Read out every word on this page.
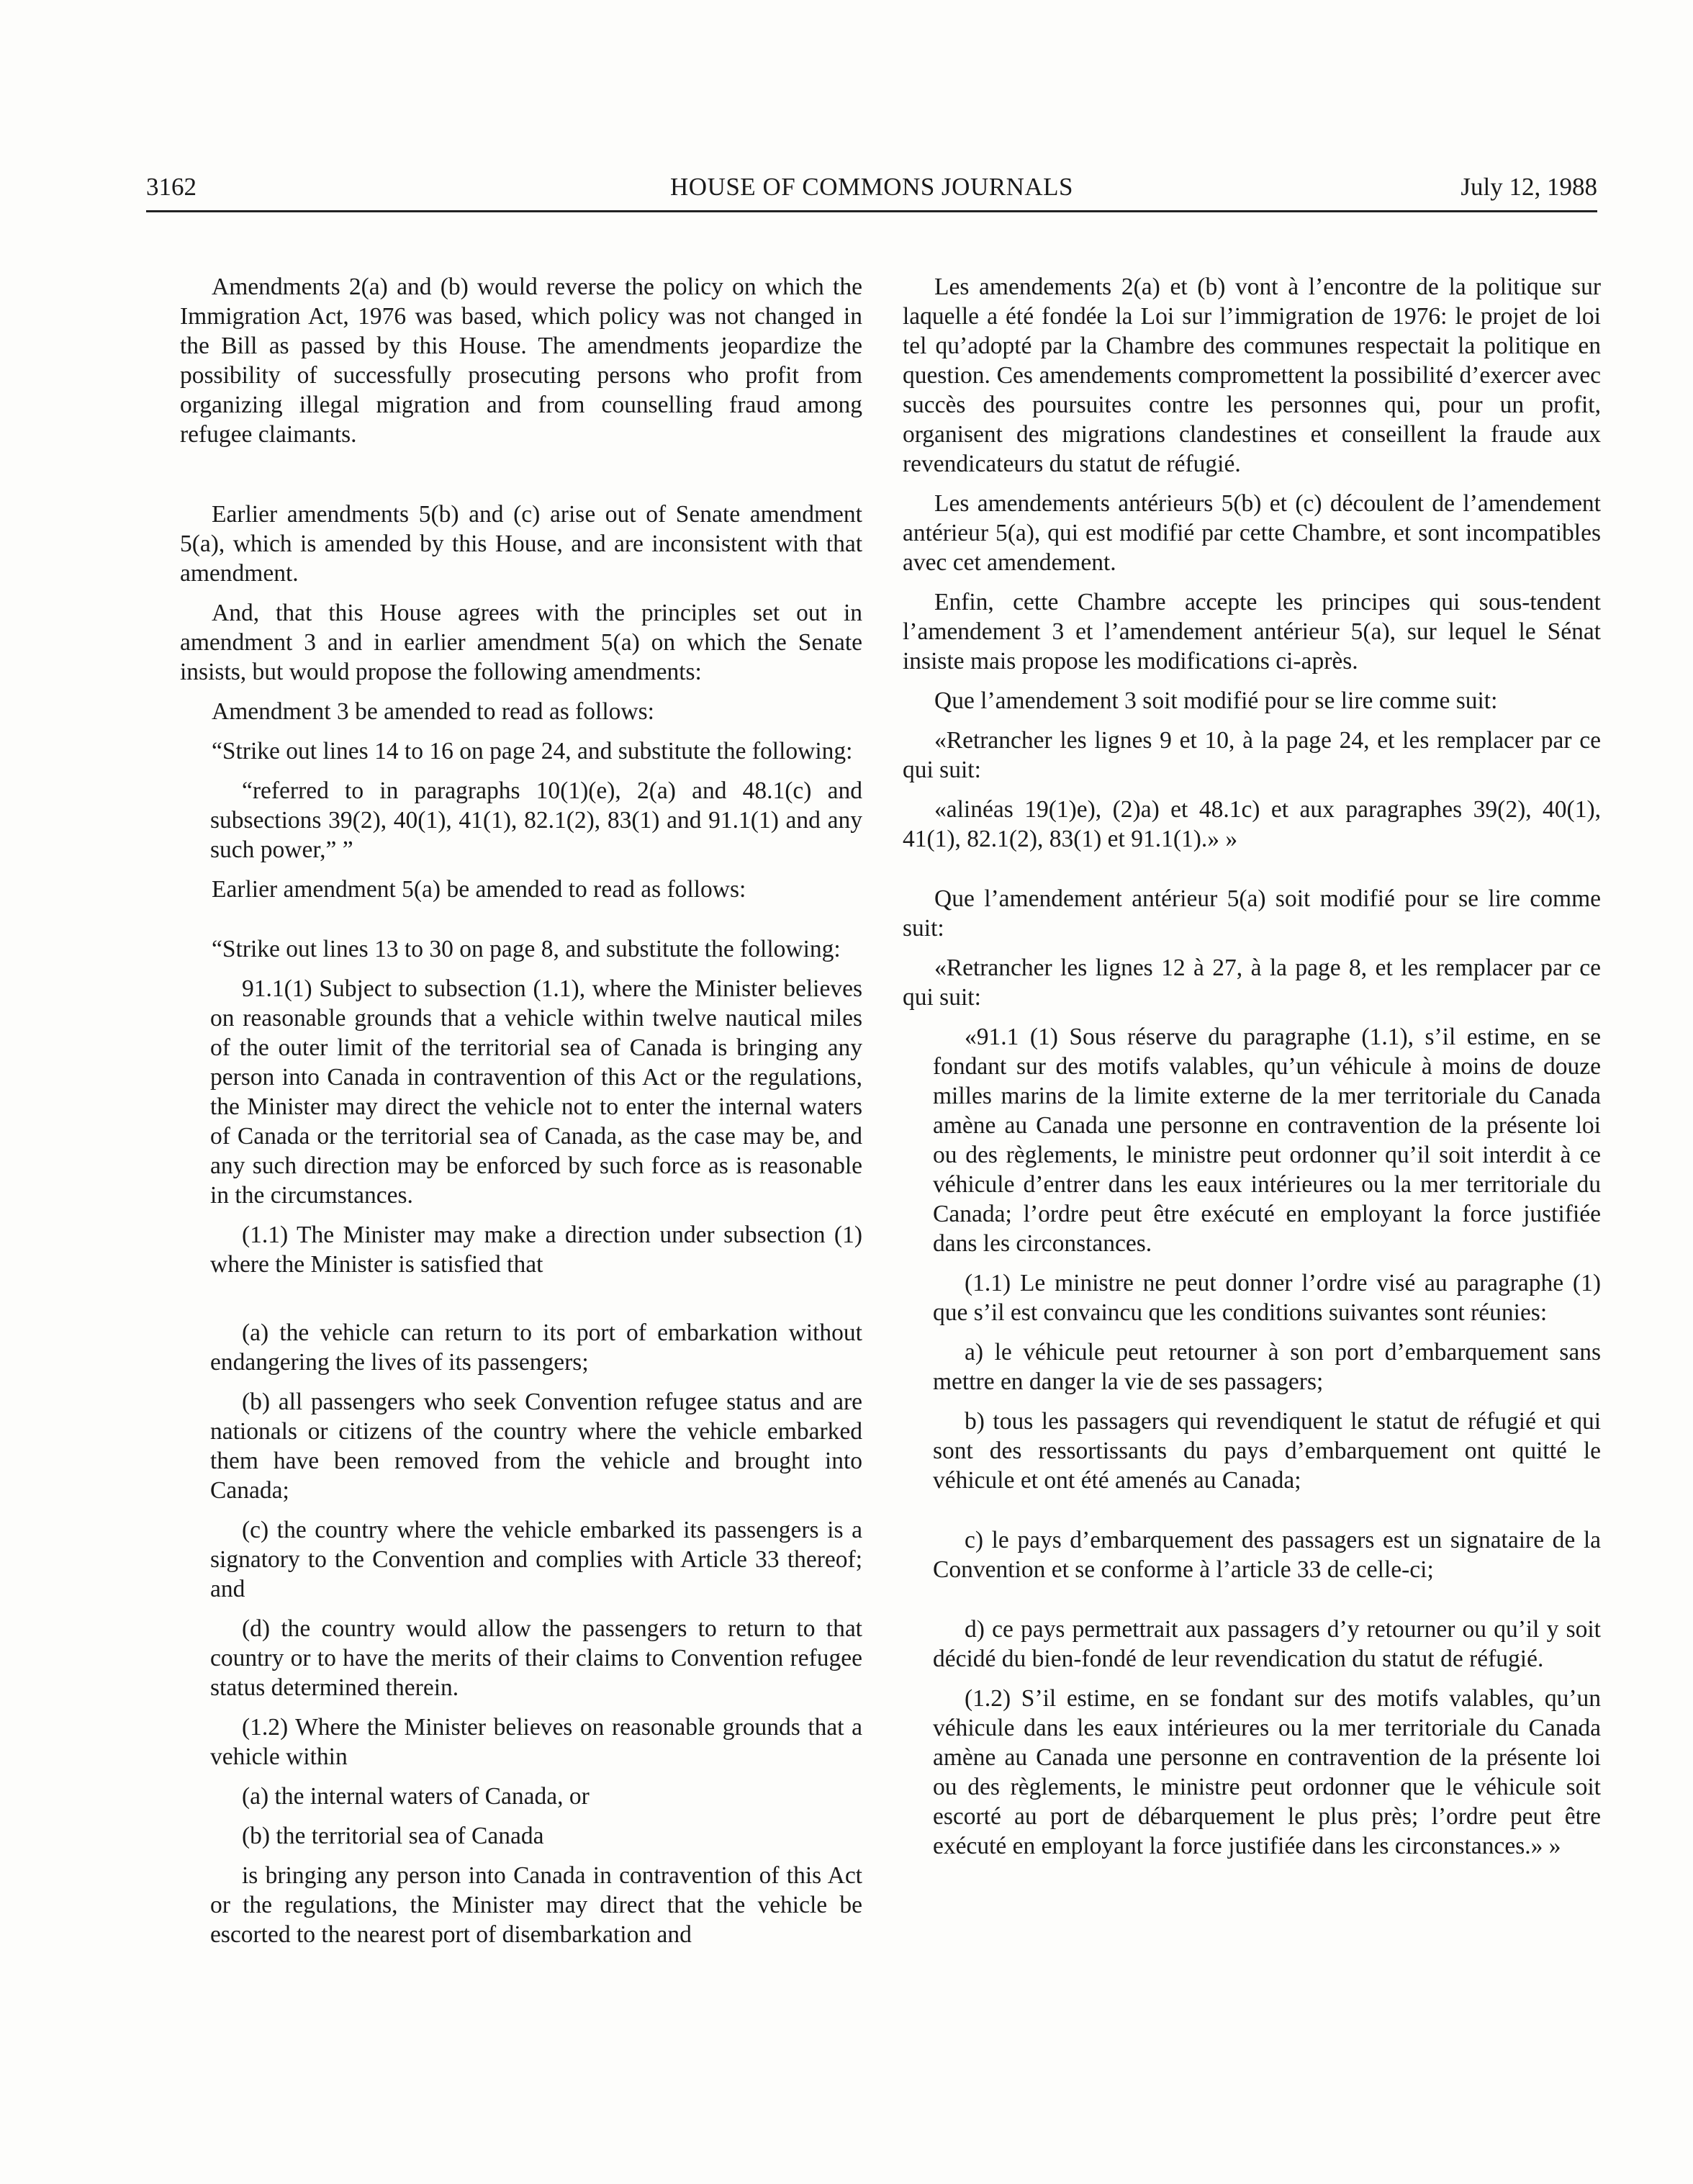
3162	HOUSE OF COMMONS JOURNALS	July 12, 1988

Amendments 2(a) and (b) would reverse the policy on which the Immigration Act, 1976 was based, which policy was not changed in the Bill as passed by this House. The amendments jeopardize the possibility of successfully prosecuting persons who profit from organizing illegal migration and from counselling fraud among refugee claimants.

Earlier amendments 5(b) and (c) arise out of Senate amendment 5(a), which is amended by this House, and are inconsistent with that amendment.

And, that this House agrees with the principles set out in amendment 3 and in earlier amendment 5(a) on which the Senate insists, but would propose the following amendments:

Amendment 3 be amended to read as follows:

“Strike out lines 14 to 16 on page 24, and substitute the following:

“referred to in paragraphs 10(1)(e), 2(a) and 48.1(c) and subsections 39(2), 40(1), 41(1), 82.1(2), 83(1) and 91.1(1) and any such power,” ”

Earlier amendment 5(a) be amended to read as follows:

“Strike out lines 13 to 30 on page 8, and substitute the following:

91.1(1) Subject to subsection (1.1), where the Minister believes on reasonable grounds that a vehicle within twelve nautical miles of the outer limit of the territorial sea of Canada is bringing any person into Canada in contravention of this Act or the regulations, the Minister may direct the vehicle not to enter the internal waters of Canada or the territorial sea of Canada, as the case may be, and any such direction may be enforced by such force as is reasonable in the circumstances.

(1.1) The Minister may make a direction under subsection (1) where the Minister is satisfied that

(a) the vehicle can return to its port of embarkation without endangering the lives of its passengers;

(b) all passengers who seek Convention refugee status and are nationals or citizens of the country where the vehicle embarked them have been removed from the vehicle and brought into Canada;

(c) the country where the vehicle embarked its passengers is a signatory to the Convention and complies with Article 33 thereof; and

(d) the country would allow the passengers to return to that country or to have the merits of their claims to Convention refugee status determined therein.

(1.2) Where the Minister believes on reasonable grounds that a vehicle within

(a) the internal waters of Canada, or

(b) the territorial sea of Canada

is bringing any person into Canada in contravention of this Act or the regulations, the Minister may direct that the vehicle be escorted to the nearest port of disembarkation and

Les amendements 2(a) et (b) vont à l’encontre de la politique sur laquelle a été fondée la Loi sur l’immigration de 1976: le projet de loi tel qu’adopté par la Chambre des communes respectait la politique en question. Ces amendements compromettent la possibilité d’exercer avec succès des poursuites contre les personnes qui, pour un profit, organisent des migrations clandestines et conseillent la fraude aux revendicateurs du statut de réfugié.

Les amendements antérieurs 5(b) et (c) découlent de l’amendement antérieur 5(a), qui est modifié par cette Chambre, et sont incompatibles avec cet amendement.

Enfin, cette Chambre accepte les principes qui sous-tendent l’amendement 3 et l’amendement antérieur 5(a), sur lequel le Sénat insiste mais propose les modifications ci-après.

Que l’amendement 3 soit modifié pour se lire comme suit:

«Retrancher les lignes 9 et 10, à la page 24, et les remplacer par ce qui suit:

«alinéas 19(1)e), (2)a) et 48.1c) et aux paragraphes 39(2), 40(1), 41(1), 82.1(2), 83(1) et 91.1(1).» »

Que l’amendement antérieur 5(a) soit modifié pour se lire comme suit:

«Retrancher les lignes 12 à 27, à la page 8, et les remplacer par ce qui suit:

«91.1 (1) Sous réserve du paragraphe (1.1), s’il estime, en se fondant sur des motifs valables, qu’un véhicule à moins de douze milles marins de la limite externe de la mer territoriale du Canada amène au Canada une personne en contravention de la présente loi ou des règlements, le ministre peut ordonner qu’il soit interdit à ce véhicule d’entrer dans les eaux intérieures ou la mer territoriale du Canada; l’ordre peut être exécuté en employant la force justifiée dans les circonstances.

(1.1) Le ministre ne peut donner l’ordre visé au paragraphe (1) que s’il est convaincu que les conditions suivantes sont réunies:

a) le véhicule peut retourner à son port d’embarquement sans mettre en danger la vie de ses passagers;

b) tous les passagers qui revendiquent le statut de réfugié et qui sont des ressortissants du pays d’embarquement ont quitté le véhicule et ont été amenés au Canada;

c) le pays d’embarquement des passagers est un signataire de la Convention et se conforme à l’article 33 de celle-ci;

d) ce pays permettrait aux passagers d’y retourner ou qu’il y soit décidé du bien-fondé de leur revendication du statut de réfugié.

(1.2) S’il estime, en se fondant sur des motifs valables, qu’un véhicule dans les eaux intérieures ou la mer territoriale du Canada amène au Canada une personne en contravention de la présente loi ou des règlements, le ministre peut ordonner que le véhicule soit escorté au port de débarquement le plus près; l’ordre peut être exécuté en employant la force justifiée dans les circonstances.» »
